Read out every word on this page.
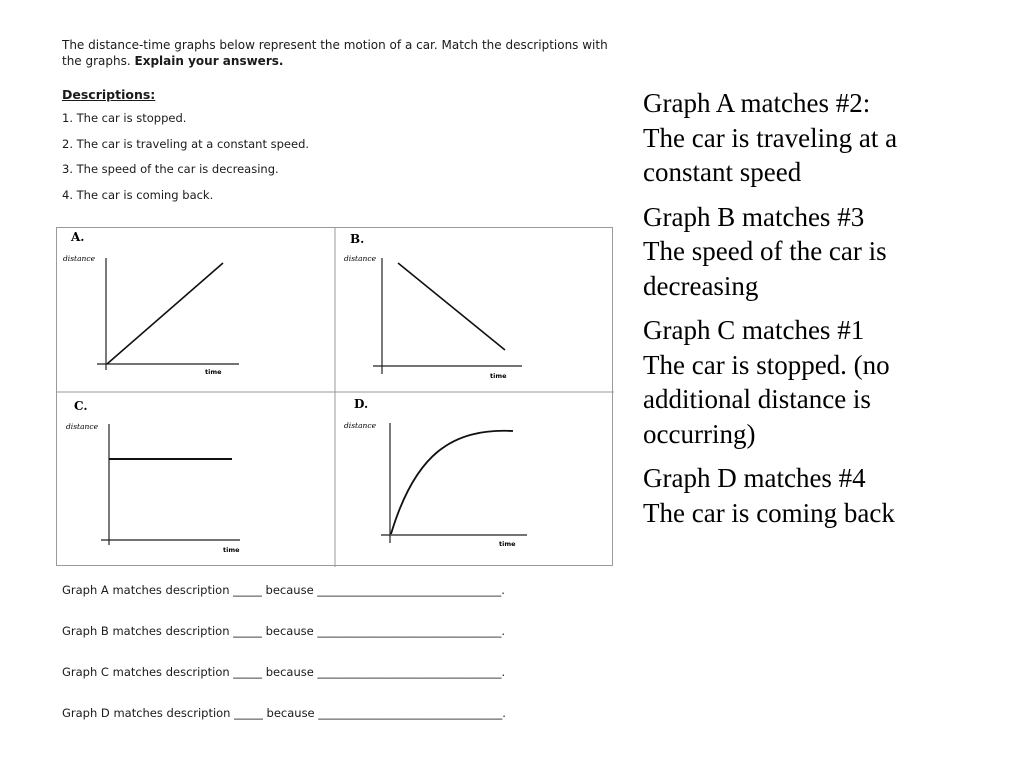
The distance-time graphs below represent the motion of a car. Match the descriptions with the graphs. Explain your answers.

Descriptions:

1. The car is stopped.
2. The car is traveling at a constant speed.
3. The speed of the car is decreasing.
4. The car is coming back.
A.
distance
time
B.
distance
time
C.
distance
time
D.
distance
time
Graph A matches description _____ because ________________________________.
Graph B matches description _____ because ________________________________.
Graph C matches description _____ because ________________________________.
Graph D matches description _____ because ________________________________.
Graph A matches #2:
The car is traveling at a
constant speed
Graph B matches #3
The speed of the car is
decreasing
Graph C matches #1
The car is stopped. (no
additional distance is
occurring)
Graph D matches #4
The car is coming back
